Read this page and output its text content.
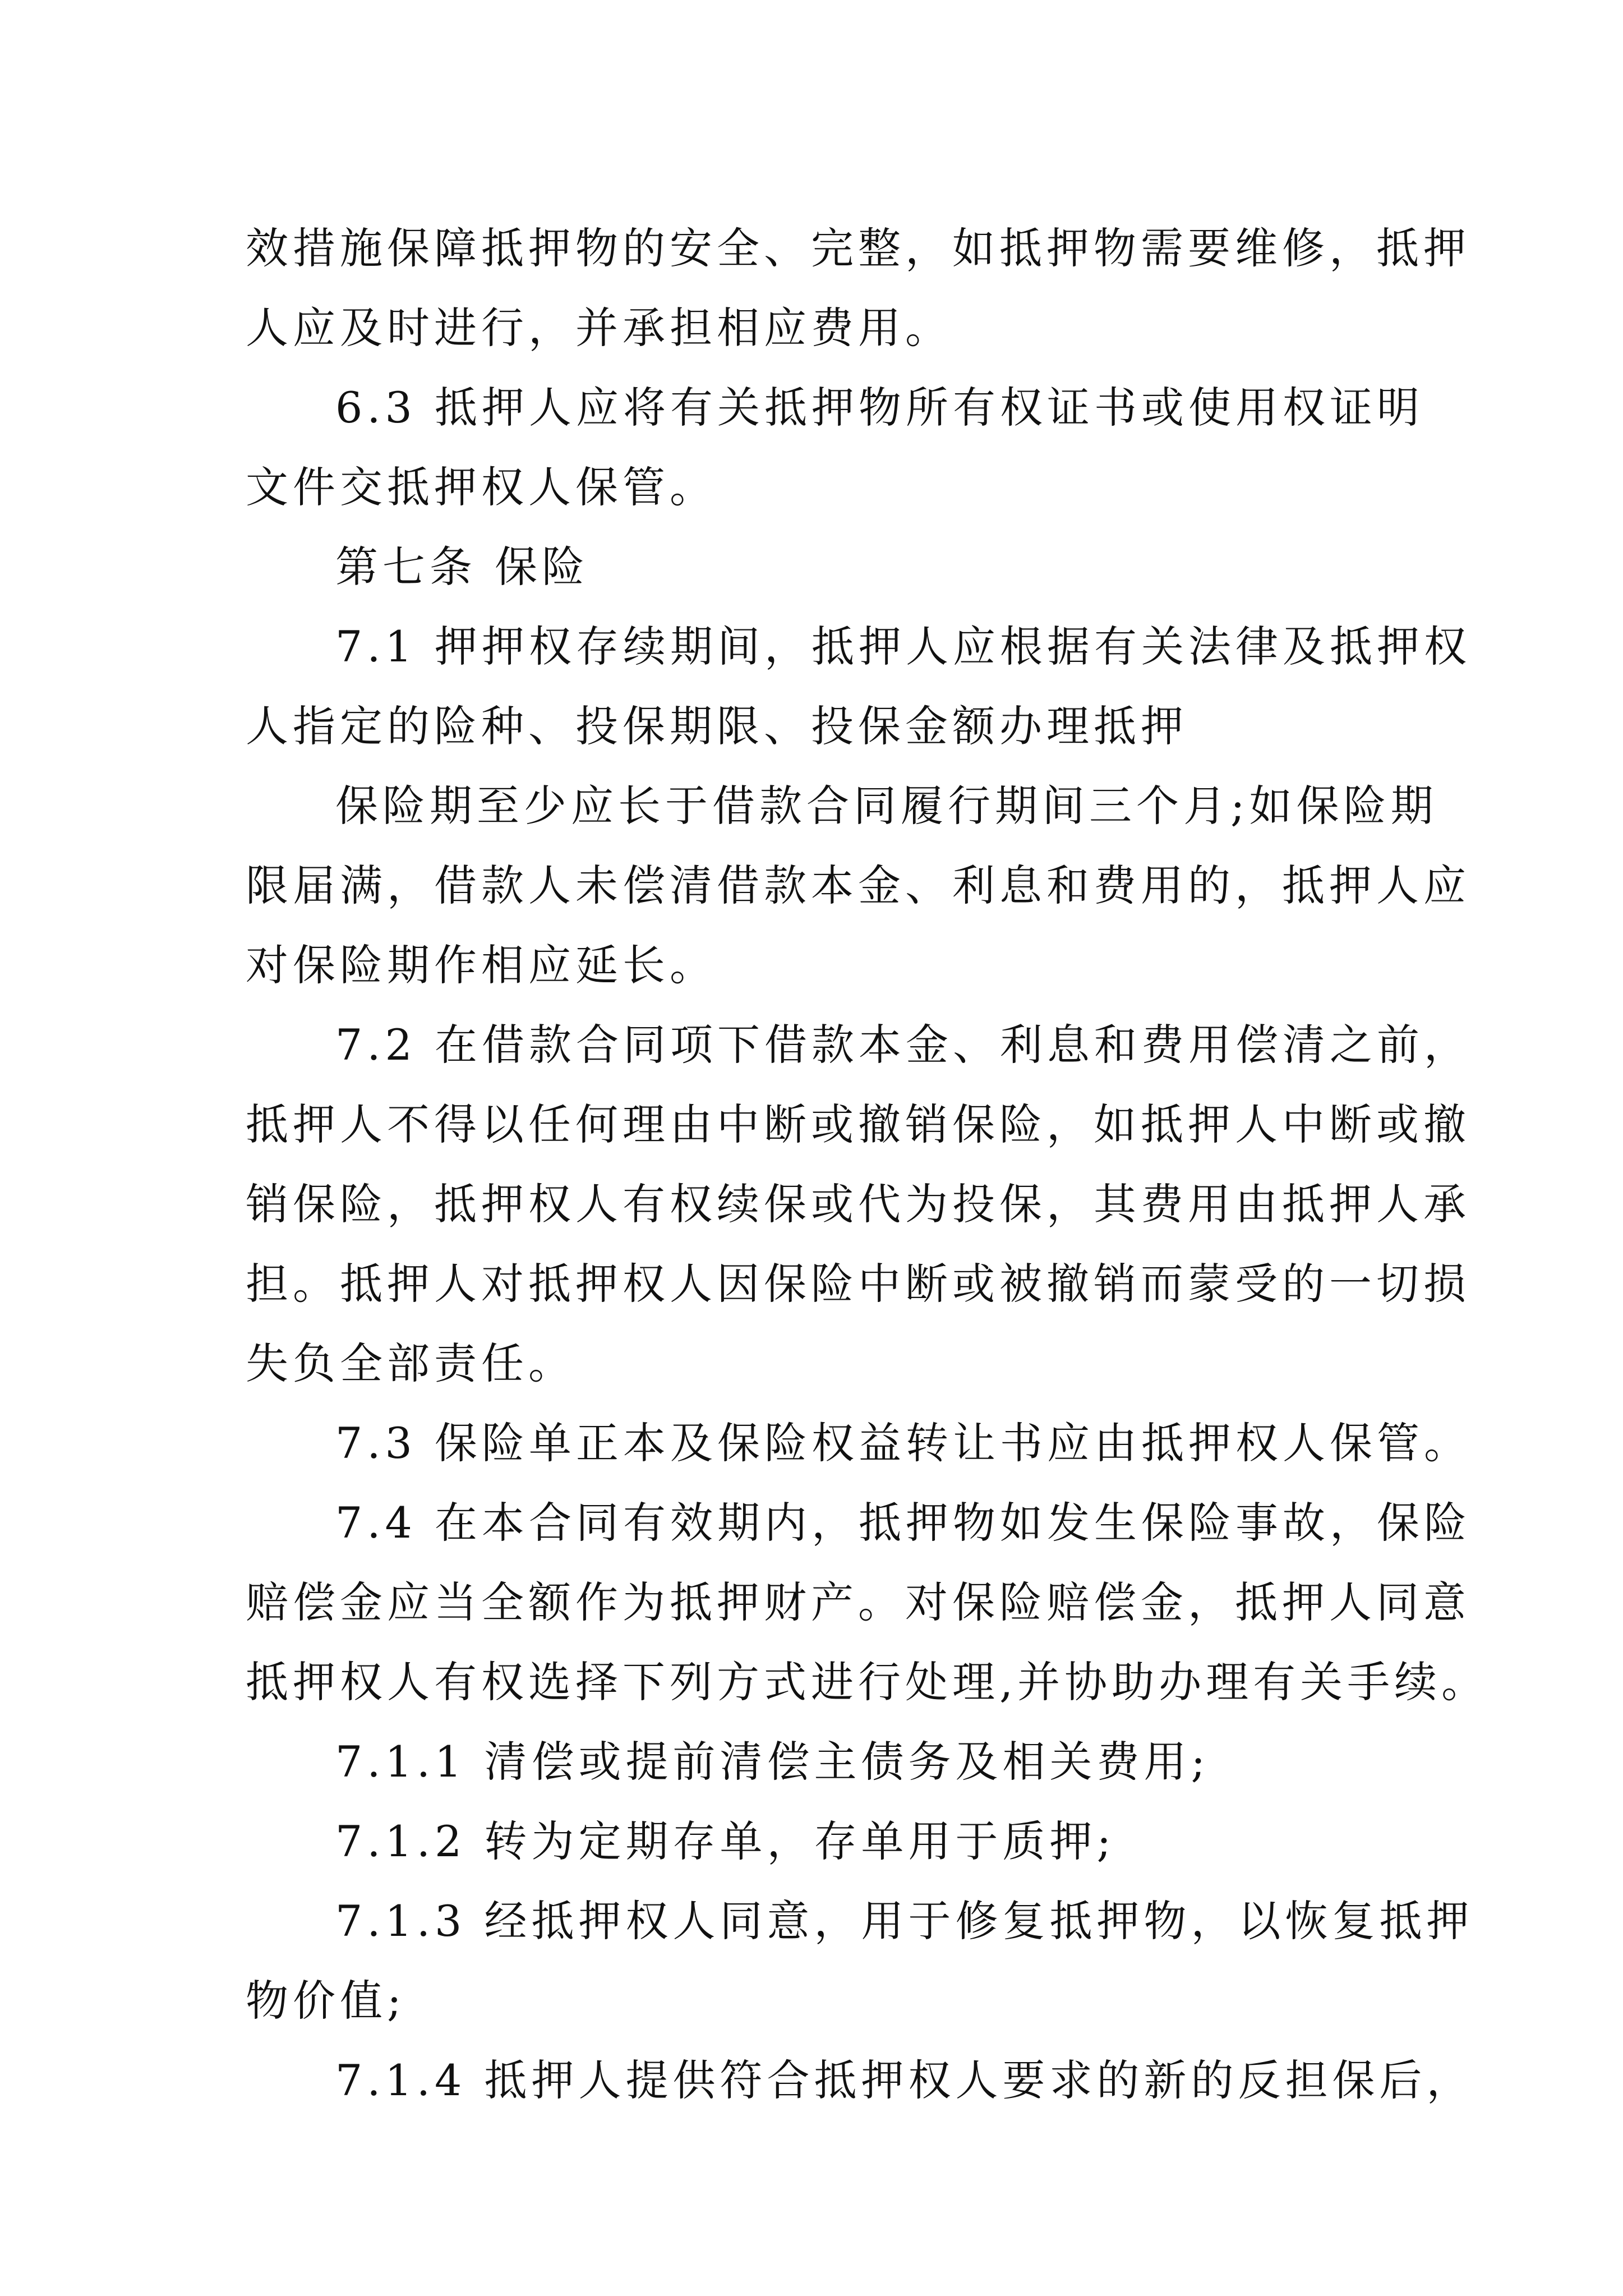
效措施保障抵押物的安全、完整，如抵押物需要维修，抵押
人应及时进行，并承担相应费用。
6.3 抵押人应将有关抵押物所有权证书或使用权证明
文件交抵押权人保管。
第七条 保险
7.1 押押权存续期间，抵押人应根据有关法律及抵押权
人指定的险种、投保期限、投保金额办理抵押
保险期至少应长于借款合同履行期间三个月;如保险期
限届满，借款人未偿清借款本金、利息和费用的，抵押人应
对保险期作相应延长。
7.2 在借款合同项下借款本金、利息和费用偿清之前，
抵押人不得以任何理由中断或撤销保险，如抵押人中断或撤
销保险，抵押权人有权续保或代为投保，其费用由抵押人承
担。抵押人对抵押权人因保险中断或被撤销而蒙受的一切损
失负全部责任。
7.3 保险单正本及保险权益转让书应由抵押权人保管。
7.4 在本合同有效期内，抵押物如发生保险事故，保险
赔偿金应当全额作为抵押财产。对保险赔偿金，抵押人同意
抵押权人有权选择下列方式进行处理,并协助办理有关手续。
7.1.1 清偿或提前清偿主债务及相关费用;
7.1.2 转为定期存单，存单用于质押;
7.1.3 经抵押权人同意，用于修复抵押物，以恢复抵押
物价值;
7.1.4 抵押人提供符合抵押权人要求的新的反担保后，
